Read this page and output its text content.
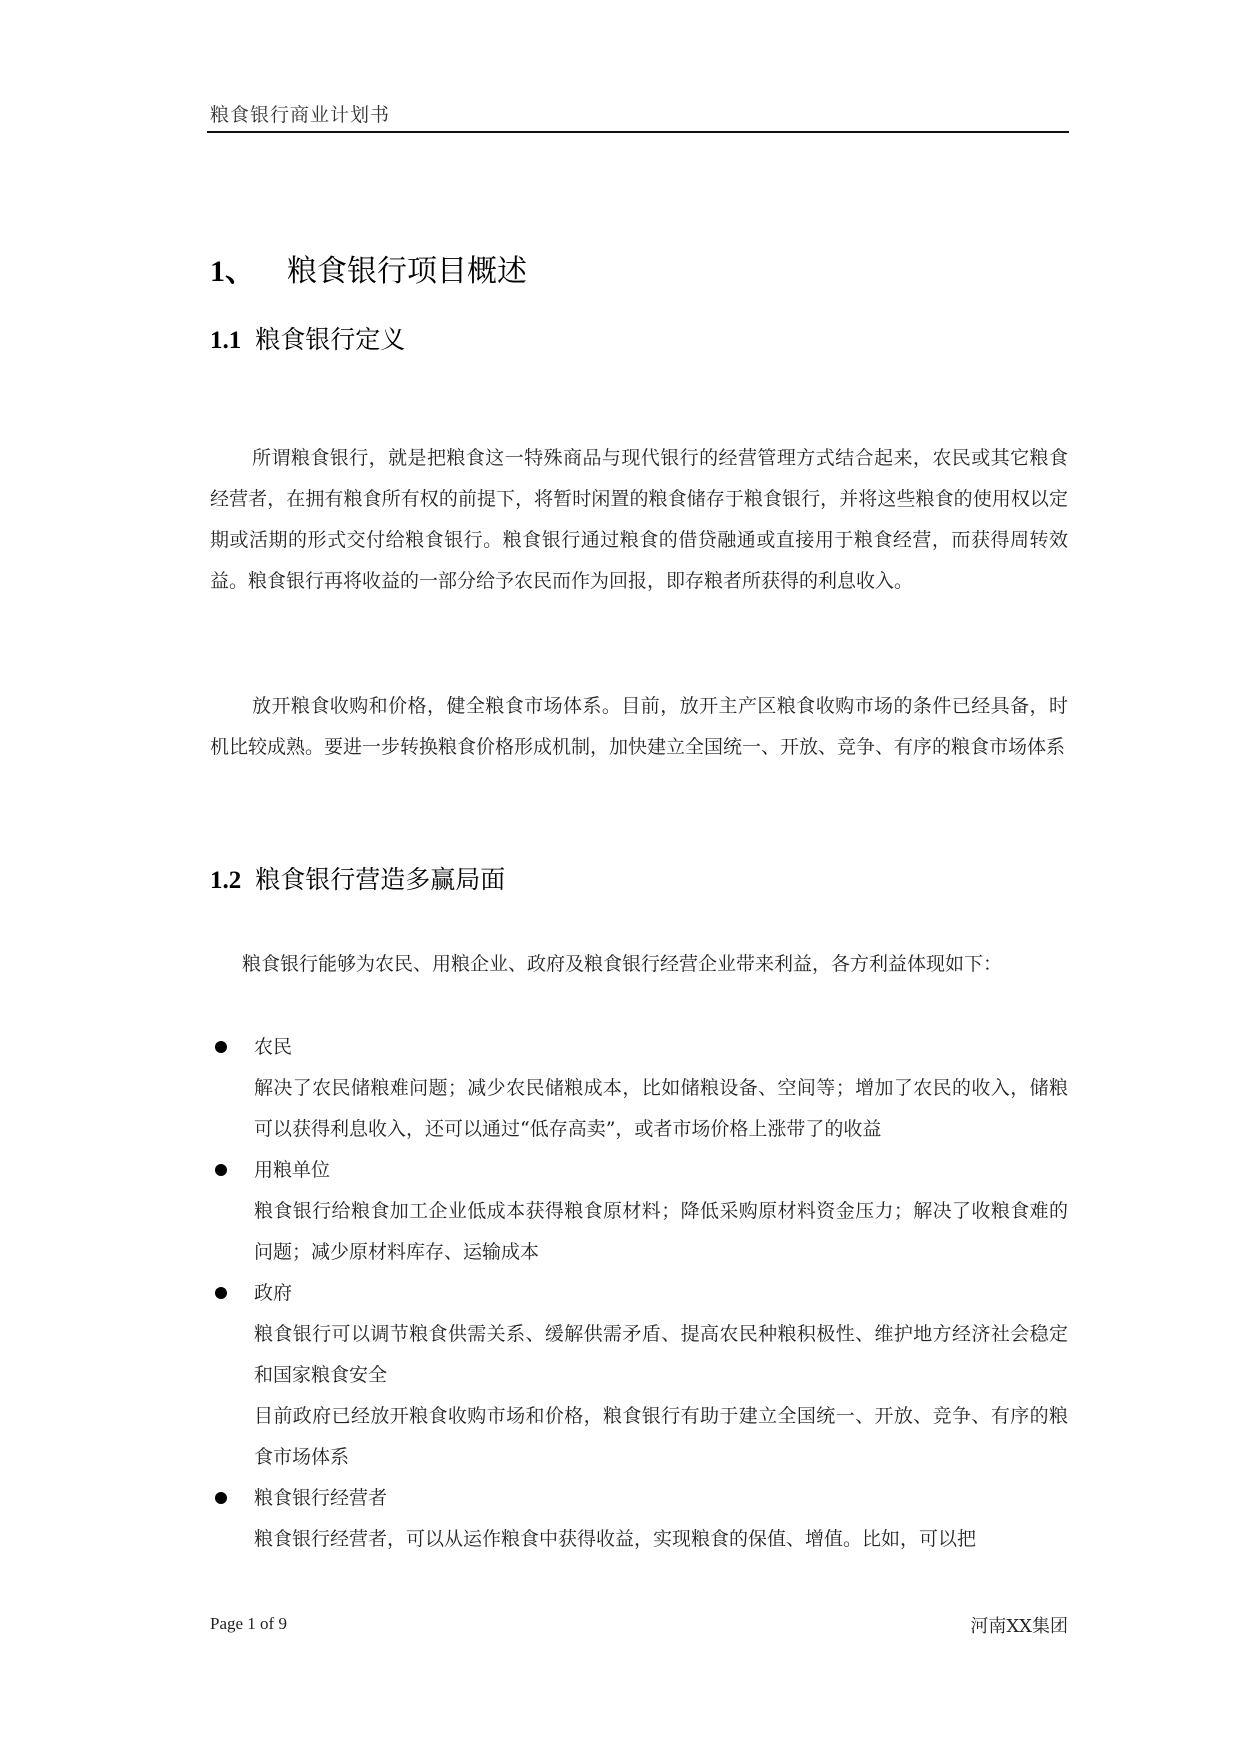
粮食银行商业计划书
1、 粮食银行项目概述
1.1 粮食银行定义

所谓粮食银行，就是把粮食这一特殊商品与现代银行的经营管理方式结合起来，农民或其它粮食经营者，在拥有粮食所有权的前提下，将暂时闲置的粮食储存于粮食银行，并将这些粮食的使用权以定期或活期的形式交付给粮食银行。粮食银行通过粮食的借贷融通或直接用于粮食经营，而获得周转效益。粮食银行再将收益的一部分给予农民而作为回报，即存粮者所获得的利息收入。

放开粮食收购和价格，健全粮食市场体系。目前，放开主产区粮食收购市场的条件已经具备，时机比较成熟。要进一步转换粮食价格形成机制，加快建立全国统一、开放、竞争、有序的粮食市场体系

1.2 粮食银行营造多赢局面

粮食银行能够为农民、用粮企业、政府及粮食银行经营企业带来利益，各方利益体现如下：

农民
解决了农民储粮难问题；减少农民储粮成本，比如储粮设备、空间等；增加了农民的收入，储粮可以获得利息收入，还可以通过“低存高卖”，或者市场价格上涨带了的收益
用粮单位
粮食银行给粮食加工企业低成本获得粮食原材料；降低采购原材料资金压力；解决了收粮食难的问题；减少原材料库存、运输成本
政府
粮食银行可以调节粮食供需关系、缓解供需矛盾、提高农民种粮积极性、维护地方经济社会稳定和国家粮食安全
目前政府已经放开粮食收购市场和价格，粮食银行有助于建立全国统一、开放、竞争、有序的粮食市场体系
粮食银行经营者
粮食银行经营者，可以从运作粮食中获得收益，实现粮食的保值、增值。比如，可以把
Page 1 of 9	河南XX集团
